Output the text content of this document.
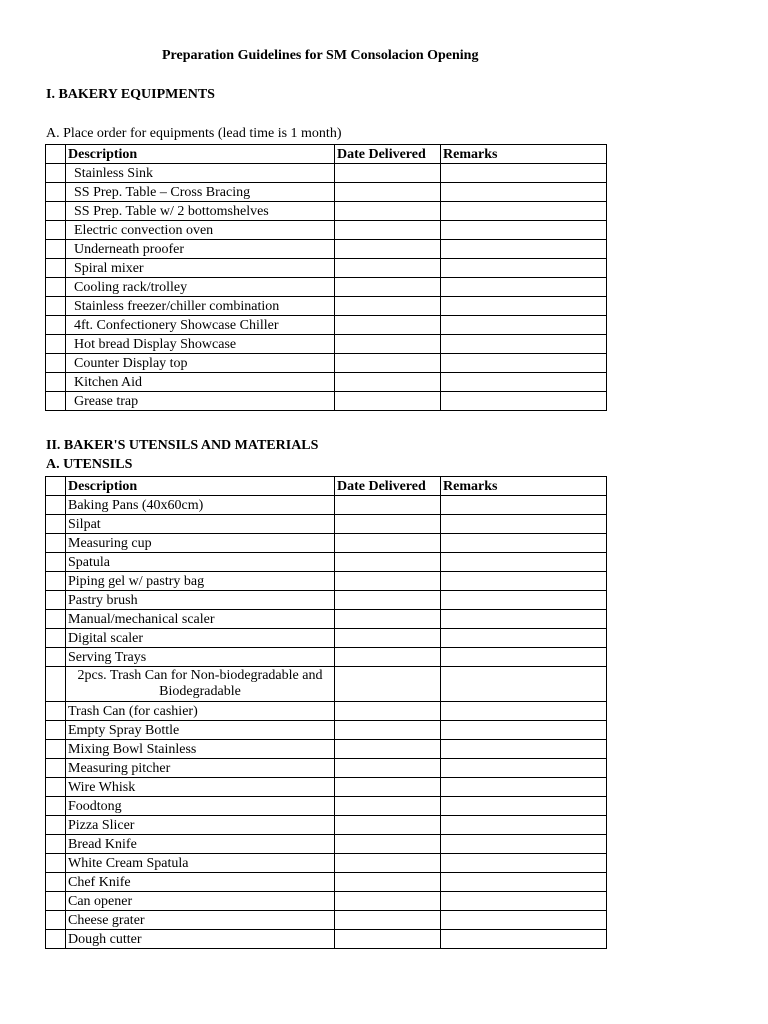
Preparation Guidelines for SM Consolacion Opening
I. BAKERY EQUIPMENTS
A. Place order for equipments (lead time is 1 month)
	Description	Date Delivered	Remarks
	Stainless Sink		
	SS Prep. Table – Cross Bracing		
	SS Prep. Table w/ 2 bottomshelves		
	Electric convection oven		
	Underneath proofer		
	Spiral mixer		
	Cooling rack/trolley		
	Stainless freezer/chiller combination		
	4ft. Confectionery Showcase Chiller		
	Hot bread Display Showcase		
	Counter Display top		
	Kitchen Aid		
	Grease trap		
II. BAKER'S UTENSILS AND MATERIALS
A. UTENSILS
	Description	Date Delivered	Remarks
	Baking Pans (40x60cm)		
	Silpat		
	Measuring cup		
	Spatula		
	Piping gel w/ pastry bag		
	Pastry brush		
	Manual/mechanical scaler		
	Digital scaler		
	Serving Trays		
	2pcs. Trash Can for Non-biodegradable and Biodegradable		
	Trash Can (for cashier)		
	Empty Spray Bottle		
	Mixing Bowl Stainless		
	Measuring pitcher		
	Wire Whisk		
	Foodtong		
	Pizza Slicer		
	Bread Knife		
	White Cream Spatula		
	Chef Knife		
	Can opener		
	Cheese grater		
	Dough cutter		
